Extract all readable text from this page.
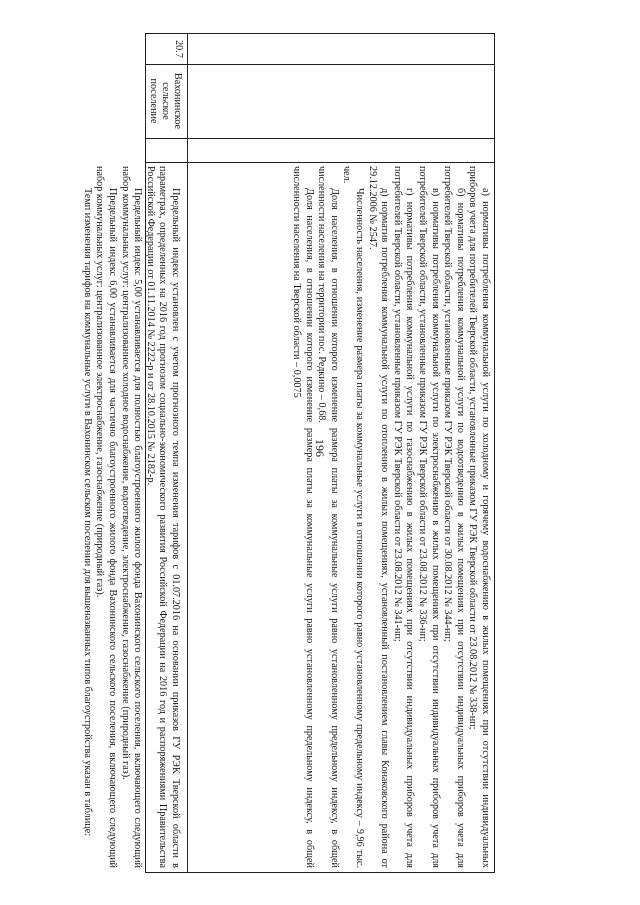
196	а) нормативы потребления коммунальной услуги по холодному и горячему водоснабжению в жилых помещениях при отсутствии индивидуальных приборов учета для потребителей Тверской области, установленные приказом ГУ РЭК Тверской области от 23.08.2012 № 338-нп;

б) нормативы потребления коммунальной услуги по водоотведению в жилых помещениях при отсутствии индивидуальных приборов учета для потребителей Тверской области, установленные приказом ГУ РЭК Тверской области от 30.08.2012 № 344-нп;

в) нормативы потребления коммунальной услуги по электроснабжению в жилых помещениях при отсутствии индивидуальных приборов учета для потребителей Тверской области, установленные приказом ГУ РЭК Тверской области от 23.08.2012 № 336-нп;

г) нормативы потребления коммунальной услуги по газоснабжению в жилых помещениях при отсутствии индивидуальных приборов учета для потребителей Тверской области, установленные приказом ГУ РЭК Тверской области от 23.08.2012 № 341-нп;

д) норматив потребления коммунальной услуги по отоплению в жилых помещениях, установленный постановлением главы Конаковского района от 29.12.2006 № 2547.

Численность населения, изменение размера платы за коммунальные услуги в отношении которого равно установленному предельному индексу – 9,96 тыс. чел.

Доля населения, в отношении которого изменение размера платы за коммунальные услуги равно установленному предельному индексу, в общей численности населения на территории пос. Редкино – 0,68.

Доля населения, в отношении которого изменение размера платы за коммунальные услуги равно установленному предельному индексу, в общей численности населения на Тверской области – 0,0075

20.7
Вахонинское
сельское
поселение

Предельный индекс установлен с учетом прогнозного темпа изменения тарифов с 01.07.2016 на основании приказов ГУ РЭК Тверской области в параметрах, определенных на 2016 год прогнозом социально-экономического развития Российской Федерации на 2016 год и распоряжениями Правительства Российской Федерации от 01.11.2014 № 2222-р и от 28.10.2015 № 2182-р.

Предельный индекс 5,00 устанавливается для полностью благоустроенного жилого фонда Вахонинского сельского поселения, включающего следующий набор коммунальных услуг: централизованное холодное водоснабжение, водоотведение, электроснабжение, газоснабжение (природный газ).

Предельный индекс 6,00 устанавливается для частично благоустроенного жилого фонда Вахонинского сельского поселения, включающего следующий набор коммунальных услуг: централизованное электроснабжение, газоснабжение (природный газ).

Темп изменения тарифов на коммунальные услуги в Вахонинском сельском поселении для вышеназванных типов благоустройства указан в таблице:
